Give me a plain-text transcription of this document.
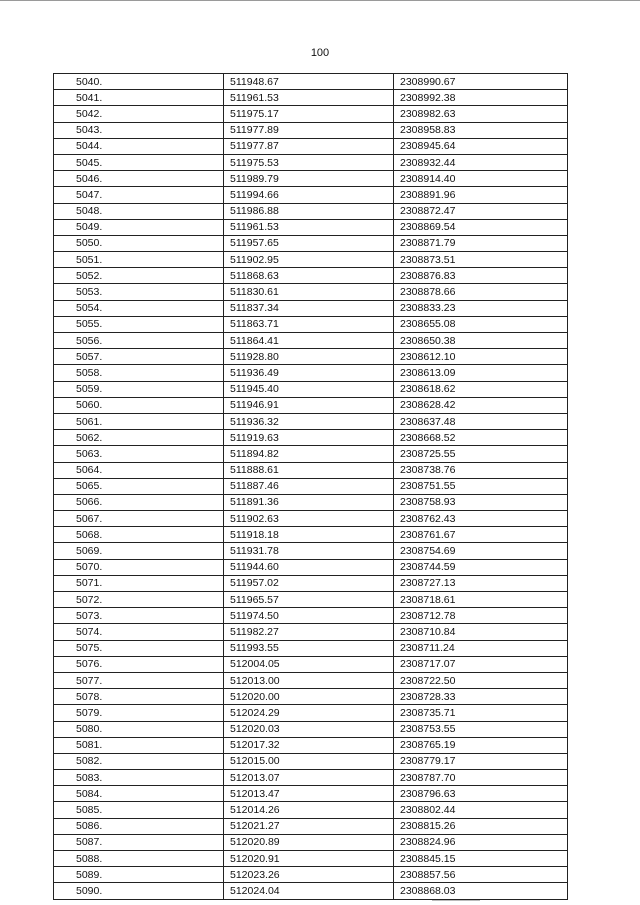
100
5040.	511948.67	2308990.67
5041.	511961.53	2308992.38
5042.	511975.17	2308982.63
5043.	511977.89	2308958.83
5044.	511977.87	2308945.64
5045.	511975.53	2308932.44
5046.	511989.79	2308914.40
5047.	511994.66	2308891.96
5048.	511986.88	2308872.47
5049.	511961.53	2308869.54
5050.	511957.65	2308871.79
5051.	511902.95	2308873.51
5052.	511868.63	2308876.83
5053.	511830.61	2308878.66
5054.	511837.34	2308833.23
5055.	511863.71	2308655.08
5056.	511864.41	2308650.38
5057.	511928.80	2308612.10
5058.	511936.49	2308613.09
5059.	511945.40	2308618.62
5060.	511946.91	2308628.42
5061.	511936.32	2308637.48
5062.	511919.63	2308668.52
5063.	511894.82	2308725.55
5064.	511888.61	2308738.76
5065.	511887.46	2308751.55
5066.	511891.36	2308758.93
5067.	511902.63	2308762.43
5068.	511918.18	2308761.67
5069.	511931.78	2308754.69
5070.	511944.60	2308744.59
5071.	511957.02	2308727.13
5072.	511965.57	2308718.61
5073.	511974.50	2308712.78
5074.	511982.27	2308710.84
5075.	511993.55	2308711.24
5076.	512004.05	2308717.07
5077.	512013.00	2308722.50
5078.	512020.00	2308728.33
5079.	512024.29	2308735.71
5080.	512020.03	2308753.55
5081.	512017.32	2308765.19
5082.	512015.00	2308779.17
5083.	512013.07	2308787.70
5084.	512013.47	2308796.63
5085.	512014.26	2308802.44
5086.	512021.27	2308815.26
5087.	512020.89	2308824.96
5088.	512020.91	2308845.15
5089.	512023.26	2308857.56
5090.	512024.04	2308868.03
